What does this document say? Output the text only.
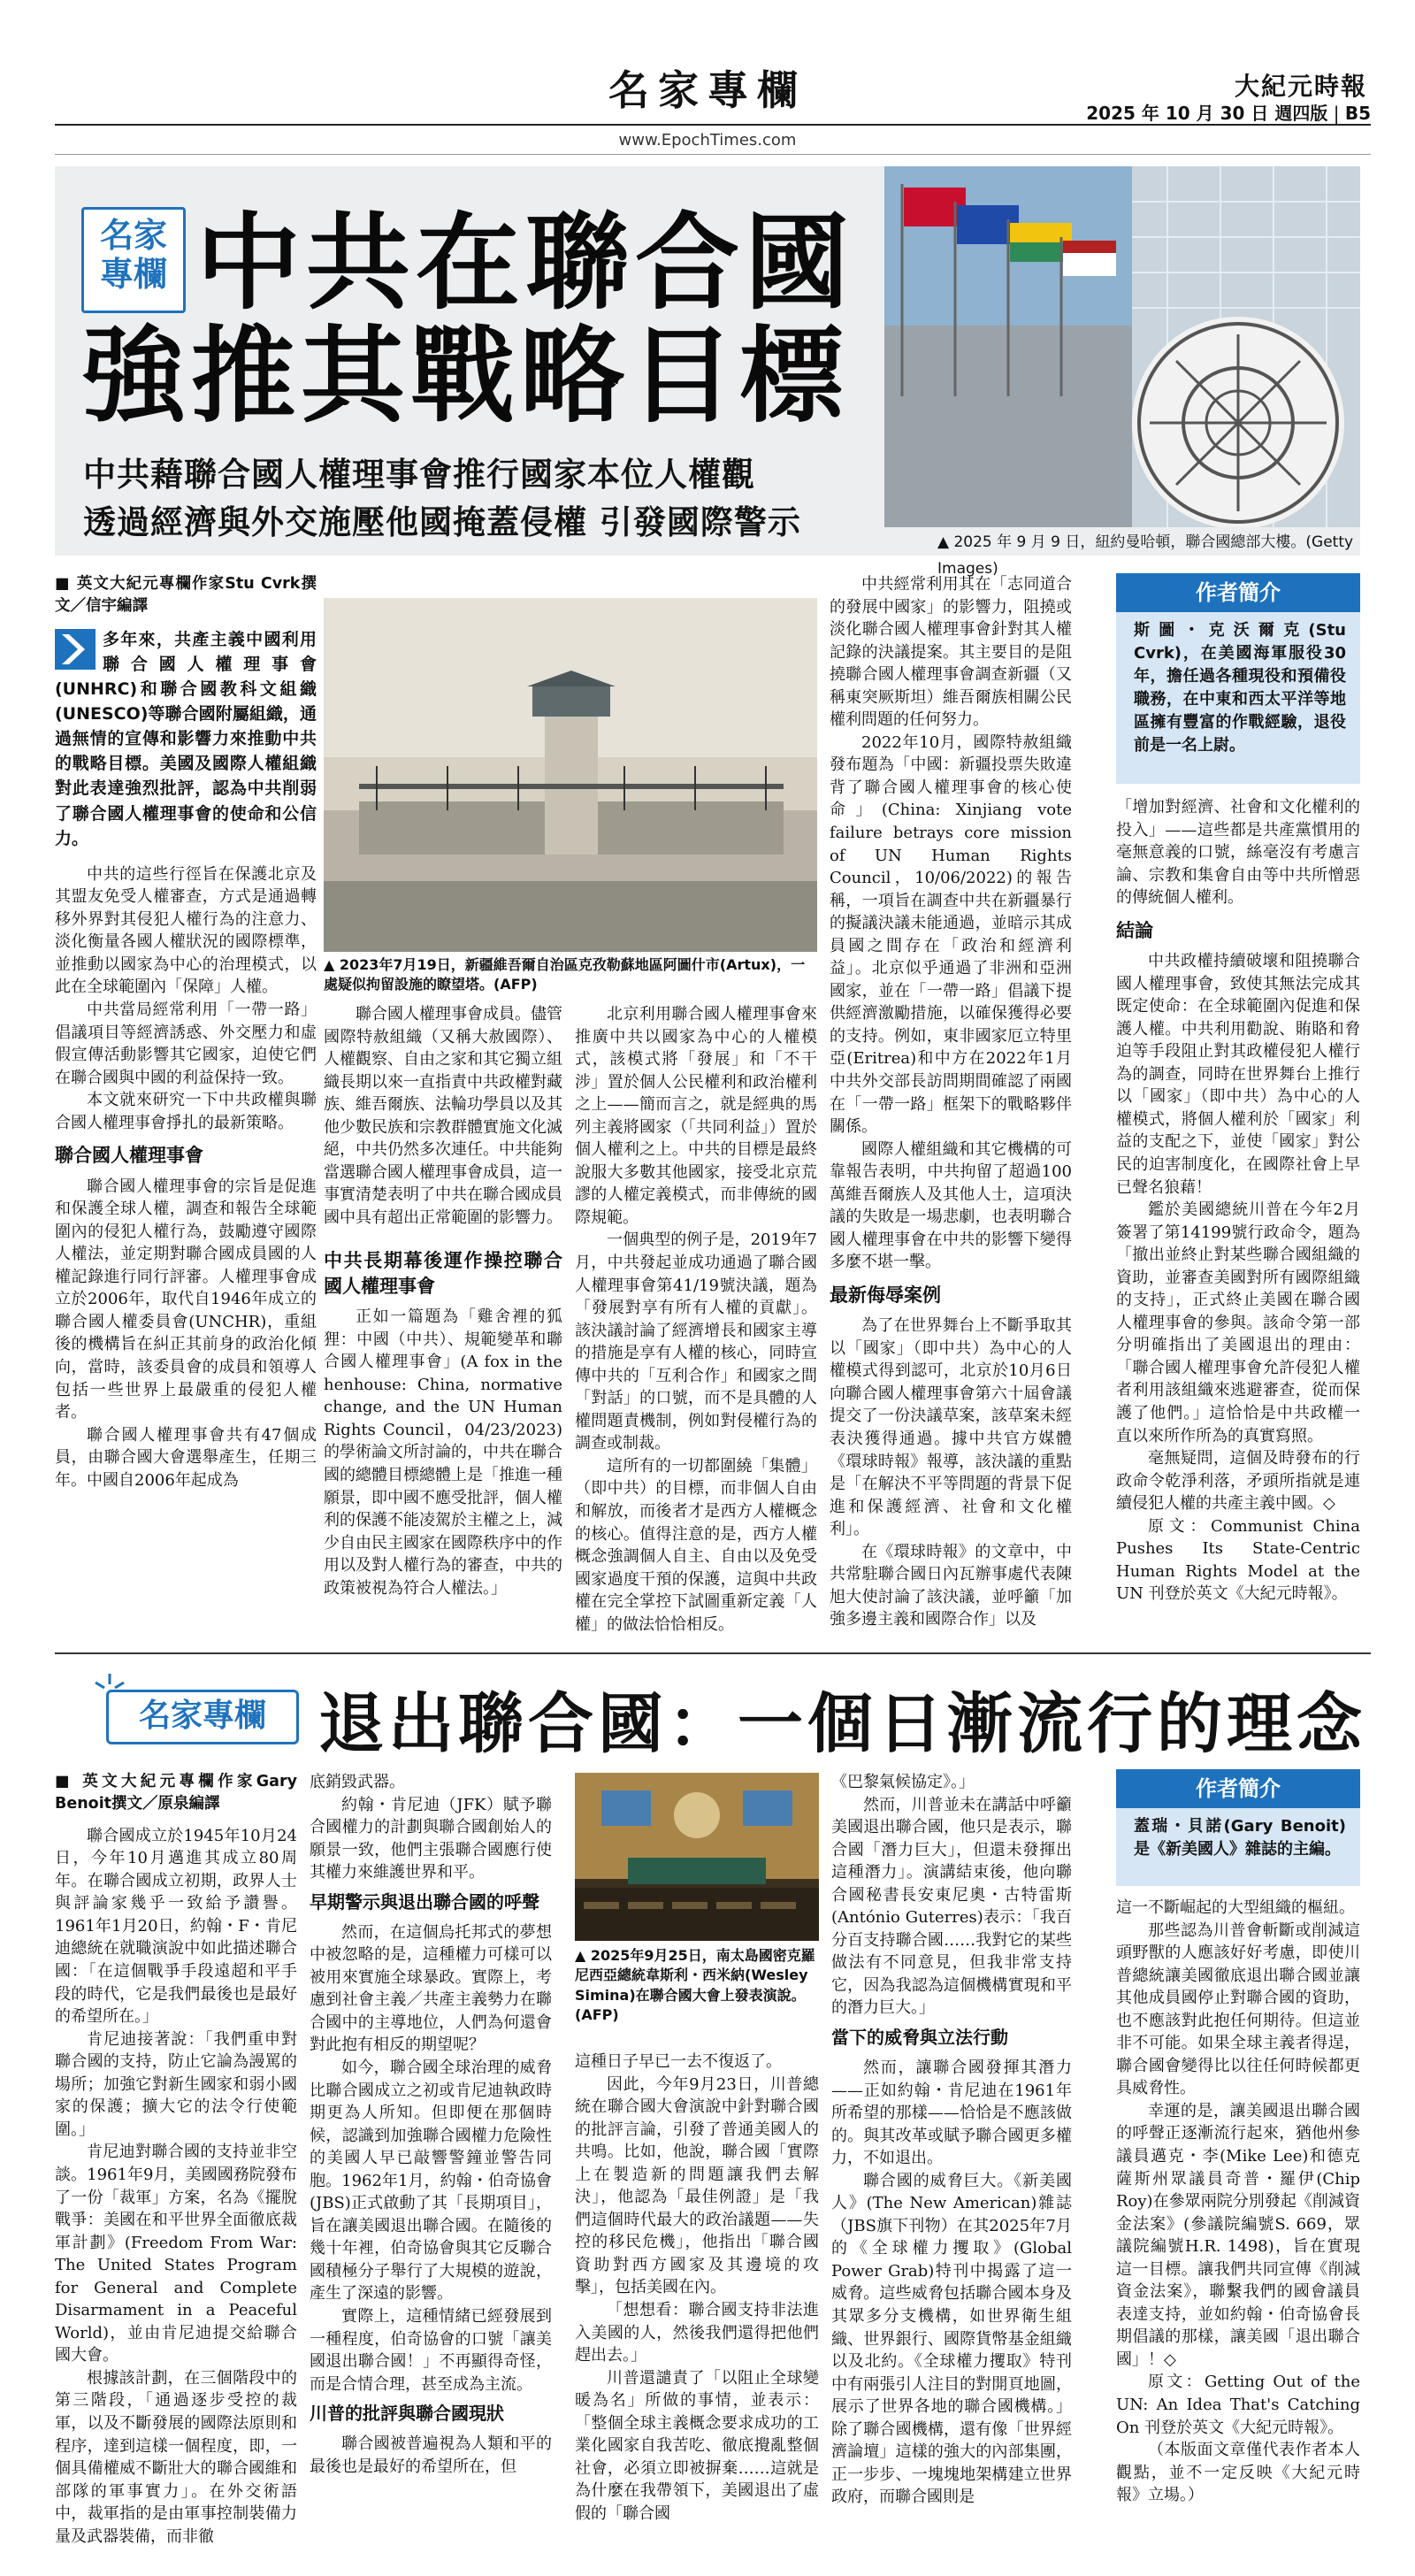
名家專欄	大紀元時報
2025 年 10 月 30 日 週四版 | B5
www.EpochTimes.com
名家
專欄 中共在聯合國
強推其戰略目標
中共藉聯合國人權理事會推行國家本位人權觀
透過經濟與外交施壓他國掩蓋侵權 引發國際警示
▲ 2025 年 9 月 9 日，紐約曼哈頓，聯合國總部大樓。(Getty Images)
■ 英文大紀元專欄作家Stu Cvrk撰文／信宇編譯
多年來，共產主義中國利用聯合國人權理事會(UNHRC)和聯合國教科文組織(UNESCO)等聯合國附屬組織，通過無情的宣傳和影響力來推動中共的戰略目標。美國及國際人權組織對此表達強烈批評，認為中共削弱了聯合國人權理事會的使命和公信力。

中共的這些行徑旨在保護北京及其盟友免受人權審查，方式是通過轉移外界對其侵犯人權行為的注意力、淡化衡量各國人權狀況的國際標準，並推動以國家為中心的治理模式，以此在全球範圍內「保障」人權。

中共當局經常利用「一帶一路」倡議項目等經濟誘惑、外交壓力和虛假宣傳活動影響其它國家，迫使它們在聯合國與中國的利益保持一致。

本文就來研究一下中共政權與聯合國人權理事會掙扎的最新策略。

聯合國人權理事會

聯合國人權理事會的宗旨是促進和保護全球人權，調查和報告全球範圍內的侵犯人權行為，鼓勵遵守國際人權法，並定期對聯合國成員國的人權記錄進行同行評審。人權理事會成立於2006年，取代自1946年成立的聯合國人權委員會(UNCHR)，重組後的機構旨在糾正其前身的政治化傾向，當時，該委員會的成員和領導人包括一些世界上最嚴重的侵犯人權者。

聯合國人權理事會共有47個成員，由聯合國大會選舉產生，任期三年。中國自2006年起成為

▲ 2023年7月19日，新疆維吾爾自治區克孜勒蘇地區阿圖什市(Artux)，一處疑似拘留設施的瞭望塔。(AFP)

聯合國人權理事會成員。儘管國際特赦組織（又稱大赦國際）、人權觀察、自由之家和其它獨立組織長期以來一直指責中共政權對藏族、維吾爾族、法輪功學員以及其他少數民族和宗教群體實施文化滅絕，中共仍然多次連任。中共能夠當選聯合國人權理事會成員，這一事實清楚表明了中共在聯合國成員國中具有超出正常範圍的影響力。

中共長期幕後運作操控聯合國人權理事會

正如一篇題為「雞舍裡的狐狸：中國（中共）、規範變革和聯合國人權理事會」(A fox in the henhouse: China, normative change, and the UN Human Rights Council，04/23/2023)的學術論文所討論的，中共在聯合國的總體目標總體上是「推進一種願景，即中國不應受批評，個人權利的保護不能凌駕於主權之上，減少自由民主國家在國際秩序中的作用以及對人權行為的審查，中共的政策被視為符合人權法。」

北京利用聯合國人權理事會來推廣中共以國家為中心的人權模式，該模式將「發展」和「不干涉」置於個人公民權利和政治權利之上——簡而言之，就是經典的馬列主義將國家（「共同利益」）置於個人權利之上。中共的目標是最終說服大多數其他國家，接受北京荒謬的人權定義模式，而非傳統的國際規範。

一個典型的例子是，2019年7月，中共發起並成功通過了聯合國人權理事會第41/19號決議，題為「發展對享有所有人權的貢獻」。該決議討論了經濟增長和國家主導的措施是享有人權的核心，同時宣傳中共的「互利合作」和國家之間「對話」的口號，而不是具體的人權問題責機制，例如對侵權行為的調查或制裁。

這所有的一切都圍繞「集體」（即中共）的目標，而非個人自由和解放，而後者才是西方人權概念的核心。值得注意的是，西方人權概念強調個人自主、自由以及免受國家過度干預的保護，這與中共政權在完全掌控下試圖重新定義「人權」的做法恰恰相反。

中共經常利用其在「志同道合的發展中國家」的影響力，阻撓或淡化聯合國人權理事會針對其人權記錄的決議提案。其主要目的是阻撓聯合國人權理事會調查新疆（又稱東突厥斯坦）維吾爾族相關公民權利問題的任何努力。

2022年10月，國際特赦組織發布題為「中國：新疆投票失敗違背了聯合國人權理事會的核心使命」(China: Xinjiang vote failure betrays core mission of UN Human Rights Council，10/06/2022)的報告稱，一項旨在調查中共在新疆暴行的擬議決議未能通過，並暗示其成員國之間存在「政治和經濟利益」。北京似乎通過了非洲和亞洲國家，並在「一帶一路」倡議下提供經濟激勵措施，以確保獲得必要的支持。例如，東非國家厄立特里亞(Eritrea)和中方在2022年1月中共外交部長訪問期間確認了兩國在「一帶一路」框架下的戰略夥伴關係。

國際人權組織和其它機構的可靠報告表明，中共拘留了超過100萬維吾爾族人及其他人士，這項決議的失敗是一場悲劇，也表明聯合國人權理事會在中共的影響下變得多麼不堪一擊。

最新侮辱案例

為了在世界舞台上不斷爭取其以「國家」（即中共）為中心的人權模式得到認可，北京於10月6日向聯合國人權理事會第六十屆會議提交了一份決議草案，該草案未經表決獲得通過。據中共官方媒體《環球時報》報導，該決議的重點是「在解決不平等問題的背景下促進和保護經濟、社會和文化權利」。

在《環球時報》的文章中，中共常駐聯合國日內瓦辦事處代表陳旭大使討論了該決議，並呼籲「加強多邊主義和國際合作」以及

作者簡介
斯圖・克沃爾克(Stu Cvrk)，在美國海軍服役30年，擔任過各種現役和預備役職務，在中東和西太平洋等地區擁有豐富的作戰經驗，退役前是一名上尉。

「增加對經濟、社會和文化權利的投入」——這些都是共產黨慣用的毫無意義的口號，絲毫沒有考慮言論、宗教和集會自由等中共所憎惡的傳統個人權利。

結論

中共政權持續破壞和阻撓聯合國人權理事會，致使其無法完成其既定使命：在全球範圍內促進和保護人權。中共利用勸說、賄賂和脅迫等手段阻止對其政權侵犯人權行為的調查，同時在世界舞台上推行以「國家」（即中共）為中心的人權模式，將個人權利於「國家」利益的支配之下，並使「國家」對公民的迫害制度化，在國際社會上早已聲名狼藉！

鑑於美國總統川普在今年2月簽署了第14199號行政命令，題為「撤出並終止對某些聯合國組織的資助，並審查美國對所有國際組織的支持」，正式終止美國在聯合國人權理事會的參與。該命令第一部分明確指出了美國退出的理由：「聯合國人權理事會允許侵犯人權者利用該組織來逃避審查，從而保護了他們。」這恰恰是中共政權一直以來所作所為的真實寫照。

毫無疑問，這個及時發布的行政命令乾淨利落，矛頭所指就是連續侵犯人權的共產主義中國。◇

原文：Communist China Pushes Its State-Centric Human Rights Model at the UN 刊登於英文《大紀元時報》。

名家專欄 退出聯合國：一個日漸流行的理念
■ 英文大紀元專欄作家Gary Benoit撰文／原泉編譯

聯合國成立於1945年10月24日，今年10月邁進其成立80周年。在聯合國成立初期，政界人士與評論家幾乎一致給予讚譽。1961年1月20日，約翰・F・肯尼迪總統在就職演說中如此描述聯合國：「在這個戰爭手段遠超和平手段的時代，它是我們最後也是最好的希望所在。」

肯尼迪接著說：「我們重申對聯合國的支持，防止它論為謾罵的場所；加強它對新生國家和弱小國家的保護；擴大它的法令行使範圍。」

肯尼迪對聯合國的支持並非空談。1961年9月，美國國務院發布了一份「裁軍」方案，名為《擺脫戰爭：美國在和平世界全面徹底裁軍計劃》(Freedom From War: The United States Program for General and Complete Disarmament in a Peaceful World)，並由肯尼迪提交給聯合國大會。

根據該計劃，在三個階段中的第三階段，「通過逐步受控的裁軍，以及不斷發展的國際法原則和程序，達到這樣一個程度，即，一個具備權威不斷壯大的聯合國維和部隊的軍事實力」。在外交術語中，裁軍指的是由軍事控制裝備力量及武器裝備，而非徹

底銷毀武器。

約翰・肯尼迪（JFK）賦予聯合國權力的計劃與聯合國創始人的願景一致，他們主張聯合國應行使其權力來維護世界和平。

早期警示與退出聯合國的呼聲

然而，在這個烏托邦式的夢想中被忽略的是，這種權力可樣可以被用來實施全球暴政。實際上，考慮到社會主義／共產主義勢力在聯合國中的主導地位，人們為何還會對此抱有相反的期望呢？

如今，聯合國全球治理的威脅比聯合國成立之初或肯尼迪執政時期更為人所知。但即便在那個時候，認識到加強聯合國權力危險性的美國人早已敲響警鐘並警告同胞。1962年1月，約翰・伯奇協會(JBS)正式啟動了其「長期項目」，旨在讓美國退出聯合國。在隨後的幾十年裡，伯奇協會與其它反聯合國積極分子舉行了大規模的遊說，產生了深遠的影響。

實際上，這種情緒已經發展到一種程度，伯奇協會的口號「讓美國退出聯合國！」不再顯得奇怪，而是合情合理，甚至成為主流。

川普的批評與聯合國現狀

聯合國被普遍視為人類和平的最後也是最好的希望所在，但

▲ 2025年9月25日，南太島國密克羅尼西亞總統韋斯利・西米納(Wesley Simina)在聯合國大會上發表演說。(AFP)

這種日子早已一去不復返了。

因此，今年9月23日，川普總統在聯合國大會演說中針對聯合國的批評言論，引發了普通美國人的共鳴。比如，他說，聯合國「實際上在製造新的問題讓我們去解決」，他認為「最佳例證」是「我們這個時代最大的政治議題——失控的移民危機」，他指出「聯合國資助對西方國家及其邊境的攻擊」，包括美國在內。

「想想看：聯合國支持非法進入美國的人，然後我們還得把他們趕出去。」

川普還譴責了「以阻止全球變暖為名」所做的事情，並表示：「整個全球主義概念要求成功的工業化國家自我苦吃、徹底攪亂整個社會，必須立即被摒棄……這就是為什麼在我帶領下，美國退出了虛假的「聯合國

《巴黎氣候協定》。」

然而，川普並未在講話中呼籲美國退出聯合國，他只是表示，聯合國「潛力巨大」，但還未發揮出這種潛力」。演講結束後，他向聯合國秘書長安東尼奧・古特雷斯(António Guterres)表示：「我百分百支持聯合國……我對它的某些做法有不同意見，但我非常支持它，因為我認為這個機構實現和平的潛力巨大。」

當下的威脅與立法行動

然而，讓聯合國發揮其潛力——正如約翰・肯尼迪在1961年所希望的那樣——恰恰是不應該做的。與其改革或賦予聯合國更多權力，不如退出。

聯合國的威脅巨大。《新美國人》(The New American)雜誌（JBS旗下刊物）在其2025年7月的《全球權力攫取》(Global Power Grab)特刊中揭露了這一威脅。這些威脅包括聯合國本身及其眾多分支機構，如世界衛生組織、世界銀行、國際貨幣基金組織以及北約。《全球權力攫取》特刊中有兩張引人注目的對開頁地圖，展示了世界各地的聯合國機構。」除了聯合國機構，還有像「世界經濟論壇」這樣的強大的內部集團，正一步步、一塊塊地架構建立世界政府，而聯合國則是

作者簡介
蓋瑞・貝諾(Gary Benoit)是《新美國人》雜誌的主編。

這一不斷崛起的大型組織的樞紐。

那些認為川普會斬斷或削減這頭野獸的人應該好好考慮，即使川普總統讓美國徹底退出聯合國並讓其他成員國停止對聯合國的資助，也不應該對此抱任何期待。但這並非不可能。如果全球主義者得逞，聯合國會變得比以往任何時候都更具威脅性。

幸運的是，讓美國退出聯合國的呼聲正逐漸流行起來，猶他州參議員邁克・李(Mike Lee)和德克薩斯州眾議員奇普・羅伊(Chip Roy)在參眾兩院分別發起《削減資金法案》(參議院編號S. 669，眾議院編號H.R. 1498)，旨在實現這一目標。讓我們共同宣傳《削減資金法案》，聯繫我們的國會議員表達支持，並如約翰・伯奇協會長期倡議的那樣，讓美國「退出聯合國」！◇

原文：Getting Out of the UN: An Idea That's Catching On 刊登於英文《大紀元時報》。

（本版面文章僅代表作者本人觀點，並不一定反映《大紀元時報》立場。）
